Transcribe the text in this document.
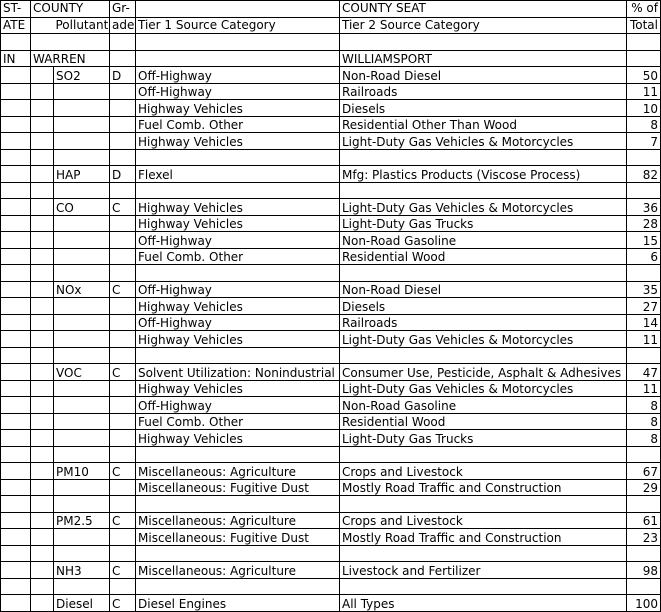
ST-	COUNTY		Gr-		COUNTY SEAT	% of
ATE		Pollutant	ade	Tier 1 Source Category	Tier 2 Source Category	Total

IN	WARREN				WILLIAMSPORT	
		SO2	D	Off-Highway	Non-Road Diesel	50
				Off-Highway	Railroads	11
				Highway Vehicles	Diesels	10
				Fuel Comb. Other	Residential Other Than Wood	8
				Highway Vehicles	Light-Duty Gas Vehicles & Motorcycles	7

		HAP	D	Flexel	Mfg: Plastics Products (Viscose Process)	82

		CO	C	Highway Vehicles	Light-Duty Gas Vehicles & Motorcycles	36
				Highway Vehicles	Light-Duty Gas Trucks	28
				Off-Highway	Non-Road Gasoline	15
				Fuel Comb. Other	Residential Wood	6

		NOx	C	Off-Highway	Non-Road Diesel	35
				Highway Vehicles	Diesels	27
				Off-Highway	Railroads	14
				Highway Vehicles	Light-Duty Gas Vehicles & Motorcycles	11

		VOC	C	Solvent Utilization: Nonindustrial	Consumer Use, Pesticide, Asphalt & Adhesives	47
				Highway Vehicles	Light-Duty Gas Vehicles & Motorcycles	11
				Off-Highway	Non-Road Gasoline	8
				Fuel Comb. Other	Residential Wood	8
				Highway Vehicles	Light-Duty Gas Trucks	8

		PM10	C	Miscellaneous: Agriculture	Crops and Livestock	67
				Miscellaneous: Fugitive Dust	Mostly Road Traffic and Construction	29

		PM2.5	C	Miscellaneous: Agriculture	Crops and Livestock	61
				Miscellaneous: Fugitive Dust	Mostly Road Traffic and Construction	23

		NH3	C	Miscellaneous: Agriculture	Livestock and Fertilizer	98

		Diesel	C	Diesel Engines	All Types	100
